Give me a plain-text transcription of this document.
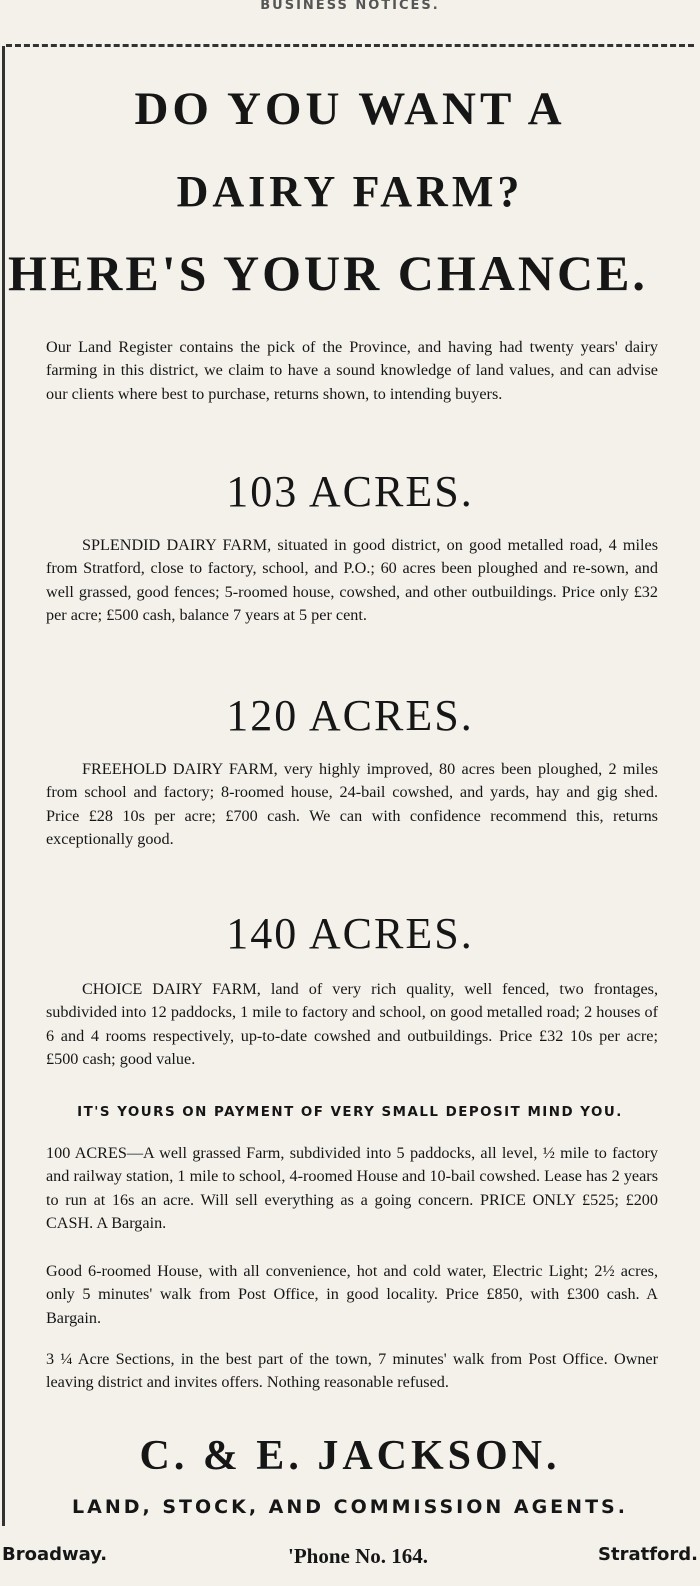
BUSINESS NOTICES.
DO YOU WANT A
DAIRY FARM?
HERE'S YOUR CHANCE.

Our Land Register contains the pick of the Province, and having had twenty years' dairy farming in this district, we claim to have a sound knowledge of land values, and can advise our clients where best to purchase, returns shown, to intending buyers.

103 ACRES.

SPLENDID DAIRY FARM, situated in good district, on good metalled road, 4 miles from Stratford, close to factory, school, and P.O.; 60 acres been ploughed and re-sown, and well grassed, good fences; 5-roomed house, cowshed, and other outbuildings. Price only £32 per acre; £500 cash, balance 7 years at 5 per cent.

120 ACRES.

FREEHOLD DAIRY FARM, very highly improved, 80 acres been ploughed, 2 miles from school and factory; 8-roomed house, 24-bail cowshed, and yards, hay and gig shed. Price £28 10s per acre; £700 cash. We can with confidence recommend this, returns exceptionally good.

140 ACRES.

CHOICE DAIRY FARM, land of very rich quality, well fenced, two frontages, subdivided into 12 paddocks, 1 mile to factory and school, on good metalled road; 2 houses of 6 and 4 rooms respectively, up-to-date cowshed and outbuildings. Price £32 10s per acre; £500 cash; good value.

IT'S YOURS ON PAYMENT OF VERY SMALL DEPOSIT MIND YOU.

100 ACRES—A well grassed Farm, subdivided into 5 paddocks, all level, ½ mile to factory and railway station, 1 mile to school, 4-roomed House and 10-bail cowshed. Lease has 2 years to run at 16s an acre. Will sell everything as a going concern. PRICE ONLY £525; £200 CASH. A Bargain.

Good 6-roomed House, with all convenience, hot and cold water, Electric Light; 2½ acres, only 5 minutes' walk from Post Office, in good locality. Price £850, with £300 cash. A Bargain.

3 ¼ Acre Sections, in the best part of the town, 7 minutes' walk from Post Office. Owner leaving district and invites offers. Nothing reasonable refused.

C. & E. JACKSON.
LAND, STOCK, AND COMMISSION AGENTS.
Broadway.	'Phone No. 164.	Stratford.
